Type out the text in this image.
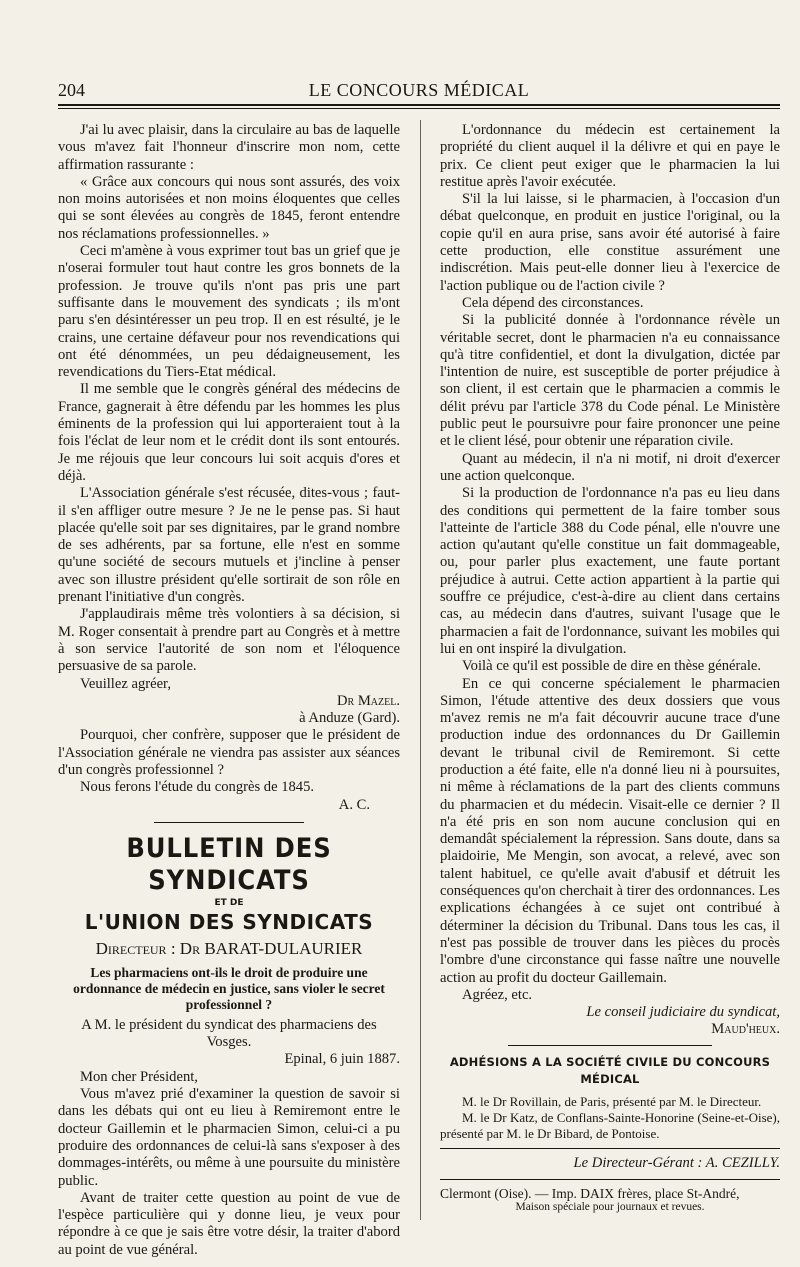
204	LE CONCOURS MÉDICAL

J'ai lu avec plaisir, dans la circulaire au bas de laquelle vous m'avez fait l'honneur d'inscrire mon nom, cette affirmation rassurante :

« Grâce aux concours qui nous sont assurés, des voix non moins autorisées et non moins éloquentes que celles qui se sont élevées au congrès de 1845, feront entendre nos réclamations professionnelles. »

Ceci m'amène à vous exprimer tout bas un grief que je n'oserai formuler tout haut contre les gros bonnets de la profession. Je trouve qu'ils n'ont pas pris une part suffisante dans le mouvement des syndicats ; ils m'ont paru s'en désintéresser un peu trop. Il en est résulté, je le crains, une certaine défaveur pour nos revendications qui ont été dénommées, un peu dédaigneusement, les revendications du Tiers-Etat médical.

Il me semble que le congrès général des médecins de France, gagnerait à être défendu par les hommes les plus éminents de la profession qui lui apporteraient tout à la fois l'éclat de leur nom et le crédit dont ils sont entourés. Je me réjouis que leur concours lui soit acquis d'ores et déjà.

L'Association générale s'est récusée, dites-vous ; faut-il s'en affliger outre mesure ? Je ne le pense pas. Si haut placée qu'elle soit par ses dignitaires, par le grand nombre de ses adhérents, par sa fortune, elle n'est en somme qu'une société de secours mutuels et j'incline à penser avec son illustre président qu'elle sortirait de son rôle en prenant l'initiative d'un congrès.

J'applaudirais même très volontiers à sa décision, si M. Roger consentait à prendre part au Congrès et à mettre à son service l'autorité de son nom et l'éloquence persuasive de sa parole.

Veuillez agréer,

Dr Mazel.

à Anduze (Gard).

Pourquoi, cher confrère, supposer que le président de l'Association générale ne viendra pas assister aux séances d'un congrès professionnel ?

Nous ferons l'étude du congrès de 1845.

A. C.

BULLETIN DES SYNDICATS
ET DE
L'UNION DES SYNDICATS
Directeur : Dr BARAT-DULAURIER
Les pharmaciens ont-ils le droit de produire une ordonnance de médecin en justice, sans violer le secret professionnel ?

A M. le président du syndicat des pharmaciens des Vosges.

Epinal, 6 juin 1887.

Mon cher Président,

Vous m'avez prié d'examiner la question de savoir si dans les débats qui ont eu lieu à Remiremont entre le docteur Gaillemin et le pharmacien Simon, celui-ci a pu produire des ordonnances de celui-là sans s'exposer à des dommages-intérêts, ou même à une poursuite du ministère public.

Avant de traiter cette question au point de vue de l'espèce particulière qui y donne lieu, je veux pour répondre à ce que je sais être votre désir, la traiter d'abord au point de vue général.

L'ordonnance du médecin est certainement la propriété du client auquel il la délivre et qui en paye le prix. Ce client peut exiger que le pharmacien la lui restitue après l'avoir exécutée.

S'il la lui laisse, si le pharmacien, à l'occasion d'un débat quelconque, en produit en justice l'original, ou la copie qu'il en aura prise, sans avoir été autorisé à faire cette production, elle constitue assurément une indiscrétion. Mais peut-elle donner lieu à l'exercice de l'action publique ou de l'action civile ?

Cela dépend des circonstances.

Si la publicité donnée à l'ordonnance révèle un véritable secret, dont le pharmacien n'a eu connaissance qu'à titre confidentiel, et dont la divulgation, dictée par l'intention de nuire, est susceptible de porter préjudice à son client, il est certain que le pharmacien a commis le délit prévu par l'article 378 du Code pénal. Le Ministère public peut le poursuivre pour faire prononcer une peine et le client lésé, pour obtenir une réparation civile.

Quant au médecin, il n'a ni motif, ni droit d'exercer une action quelconque.

Si la production de l'ordonnance n'a pas eu lieu dans des conditions qui permettent de la faire tomber sous l'atteinte de l'article 388 du Code pénal, elle n'ouvre une action qu'autant qu'elle constitue un fait dommageable, ou, pour parler plus exactement, une faute portant préjudice à autrui. Cette action appartient à la partie qui souffre ce préjudice, c'est-à-dire au client dans certains cas, au médecin dans d'autres, suivant l'usage que le pharmacien a fait de l'ordonnance, suivant les mobiles qui lui en ont inspiré la divulgation.

Voilà ce qu'il est possible de dire en thèse générale.

En ce qui concerne spécialement le pharmacien Simon, l'étude attentive des deux dossiers que vous m'avez remis ne m'a fait découvrir aucune trace d'une production indue des ordonnances du Dr Gaillemin devant le tribunal civil de Remiremont. Si cette production a été faite, elle n'a donné lieu ni à poursuites, ni même à réclamations de la part des clients communs du pharmacien et du médecin. Visait-elle ce dernier ? Il n'a été pris en son nom aucune conclusion qui en demandât spécialement la répression. Sans doute, dans sa plaidoirie, Me Mengin, son avocat, a relevé, avec son talent habituel, ce qu'elle avait d'abusif et détruit les conséquences qu'on cherchait à tirer des ordonnances. Les explications échangées à ce sujet ont contribué à déterminer la décision du Tribunal. Dans tous les cas, il n'est pas possible de trouver dans les pièces du procès l'ombre d'une circonstance qui fasse naître une nouvelle action au profit du docteur Gaillemain.

Agréez, etc.

Le conseil judiciaire du syndicat,

Maud'heux.

ADHÉSIONS A LA SOCIÉTÉ CIVILE DU CONCOURS MÉDICAL

M. le Dr Rovillain, de Paris, présenté par M. le Directeur.

M. le Dr Katz, de Conflans-Sainte-Honorine (Seine-et-Oise), présenté par M. le Dr Bibard, de Pontoise.

Le Directeur-Gérant : A. CEZILLY.

Clermont (Oise). — Imp. DAIX frères, place St-André,

Maison spéciale pour journaux et revues.
